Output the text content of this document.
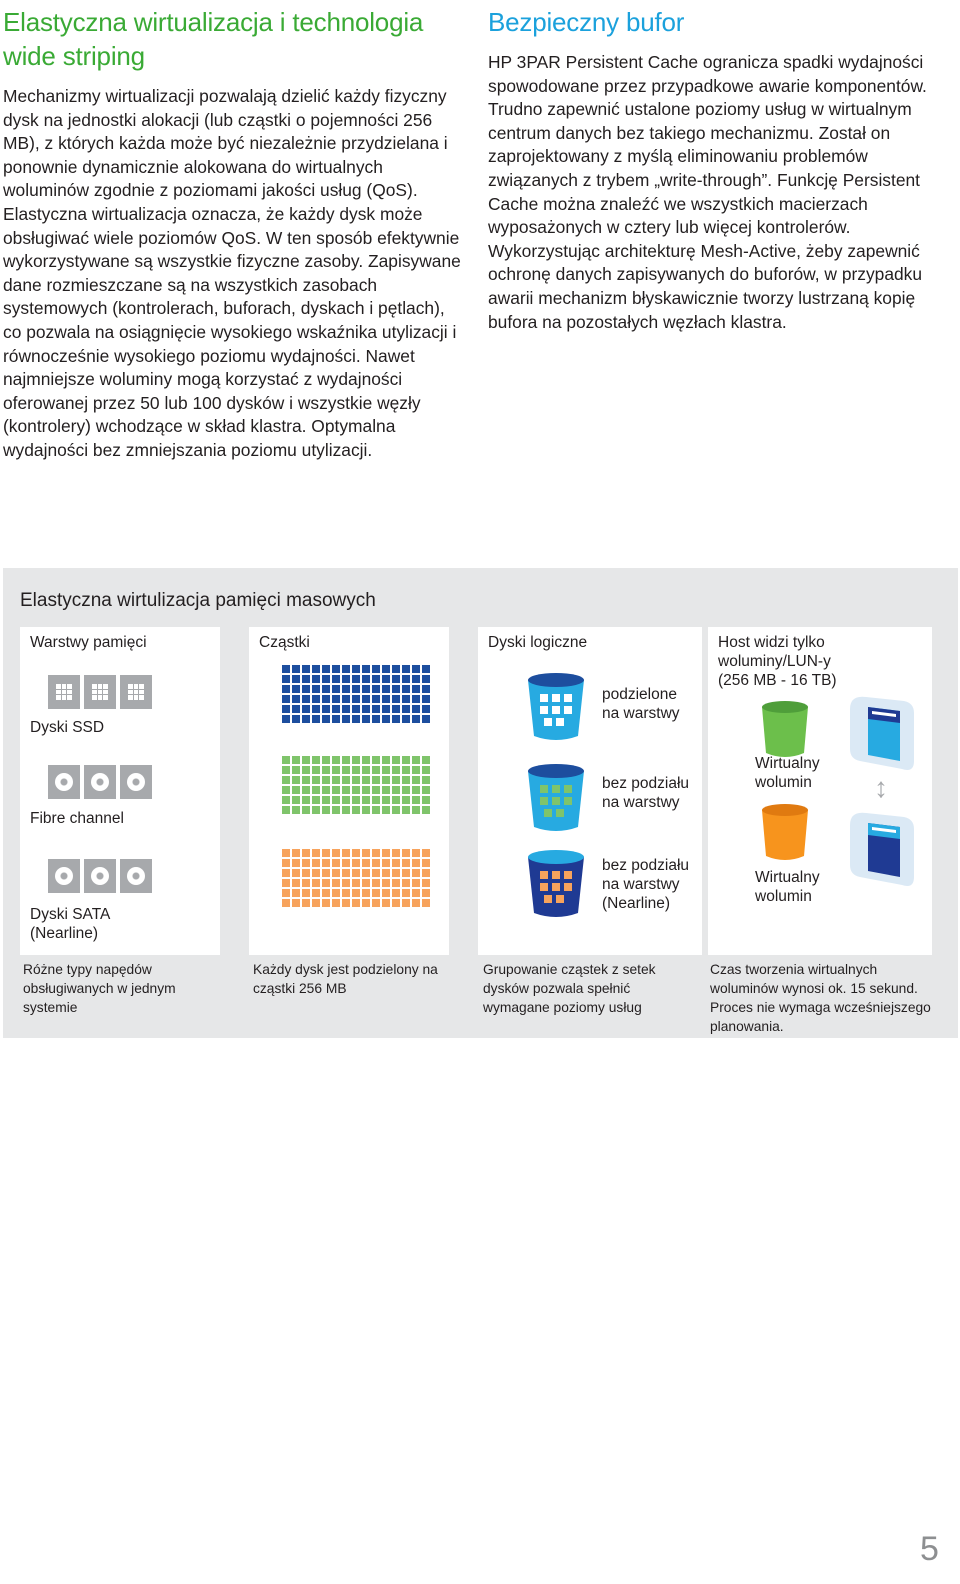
Elastyczna wirtualizacja i technologia wide striping

Mechanizmy wirtualizacji pozwalają dzielić każdy fizyczny dysk na jednostki alokacji (lub cząstki o pojemności 256 MB), z których każda może być niezależnie przydzielana i ponownie dynamicznie alokowana do wirtualnych woluminów zgodnie z poziomami jakości usług (QoS). Elastyczna wirtualizacja oznacza, że każdy dysk może obsługiwać wiele poziomów QoS. W ten sposób efektywnie wykorzystywane są wszystkie fizyczne zasoby. Zapisywane dane rozmieszczane są na wszystkich zasobach systemowych (kontrolerach, buforach, dyskach i pętlach), co pozwala na osiągnięcie wysokiego wskaźnika utylizacji i równocześnie wysokiego poziomu wydajności. Nawet najmniejsze woluminy mogą korzystać z wydajności oferowanej przez 50 lub 100 dysków i wszystkie węzły (kontrolery) wchodzące w skład klastra. Optymalna wydajności bez zmniejszania poziomu utylizacji.

Bezpieczny bufor

HP 3PAR Persistent Cache ogranicza spadki wydajności spowodowane przez przypadkowe awarie komponentów. Trudno zapewnić ustalone poziomy usług w wirtualnym centrum danych bez takiego mechanizmu. Został on zaprojektowany z myślą eliminowaniu problemów związanych z trybem „write-through”. Funkcję Persistent Cache można znaleźć we wszystkich macierzach wyposażonych w cztery lub więcej kontrolerów. Wykorzystując architekturę Mesh-Active, żeby zapewnić ochronę danych zapisywanych do buforów, w przypadku awarii mechanizm błyskawicznie tworzy lustrzaną kopię bufora na pozostałych węzłach klastra.

Elastyczna wirtulizacja pamięci masowych
Warstwy pamięci
Dyski SSD
Fibre channel
Dyski SATA
(Nearline)
Cząstki	Dyski logiczne
podzielone
na warstwy
bez podziału
na warstwy
bez podziału
na warstwy
(Nearline)
Host widzi tylko
woluminy/LUN-y
(256 MB - 16 TB)
Wirtualny
wolumin
Wirtualny
wolumin
↕
Różne typy napędów obsługiwanych w jednym systemie
Każdy dysk jest podzielony na cząstki 256 MB
Grupowanie cząstek z setek dysków pozwala spełnić wymagane poziomy usług
Czas tworzenia wirtualnych woluminów wynosi ok. 15 sekund. Proces nie wymaga wcześniejszego planowania.
5
